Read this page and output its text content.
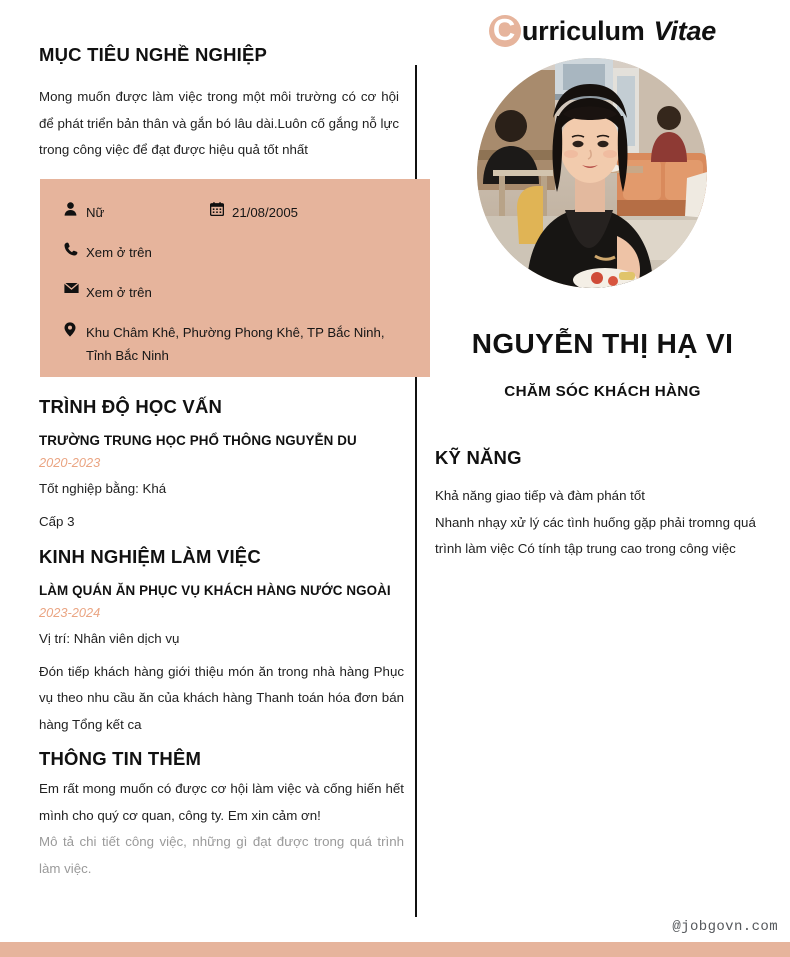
MỤC TIÊU NGHỀ NGHIỆP

Mong muốn được làm việc trong một môi trường có cơ hội để phát triển bản thân và gắn bó lâu dài.Luôn cố gắng nỗ lực trong công việc để đạt được hiệu quả tốt nhất

Nữ	21/08/2005
Xem ở trên
Xem ở trên
Khu Châm Khê, Phường Phong Khê, TP Bắc Ninh, Tỉnh Bắc Ninh
TRÌNH ĐỘ HỌC VẤN
TRƯỜNG TRUNG HỌC PHỔ THÔNG NGUYỄN DU
2020-2023
Tốt nghiệp bằng: Khá
Cấp 3
KINH NGHIỆM LÀM VIỆC
LÀM QUÁN ĂN PHỤC VỤ KHÁCH HÀNG NƯỚC NGOÀI
2023-2024
Vị trí: Nhân viên dịch vụ
Đón tiếp khách hàng giới thiệu món ăn trong nhà hàng Phục vụ theo nhu cầu ăn của khách hàng Thanh toán hóa đơn bán hàng Tổng kết ca
THÔNG TIN THÊM

Em rất mong muốn có được cơ hội làm việc và cống hiến hết mình cho quý cơ quan, công ty. Em xin cảm ơn!

Mô tả chi tiết công việc, những gì đạt được trong quá trình làm việc.

C urriculum Vitae
NGUYỄN THỊ HẠ VI
CHĂM SÓC KHÁCH HÀNG
KỸ NĂNG

Khả năng giao tiếp và đàm phán tốt

Nhanh nhạy xử lý các tình huống gặp phải tromng quá

trình làm việc Có tính tập trung cao trong công việc

@jobgovn.com
